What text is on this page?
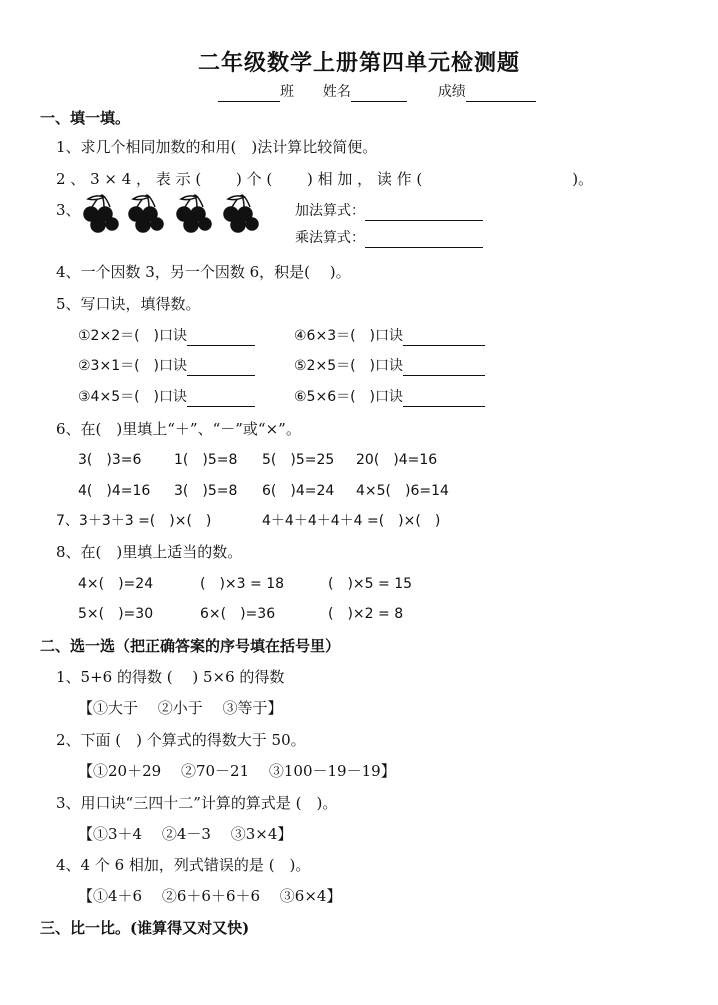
二年级数学上册第四单元检测题
班 姓名	成绩
一、填一填。
1、求几个相同加数的和用(　)法计算比较简便。
2 、 3 × 4 ， 表 示 (　　 ) 个 (　　 ) 相 加 ， 读 作 (　　　　　　　　　　)。
3、	加法算式：
乘法算式：
4、一个因数 3，另一个因数 6，积是(　 )。
5、写口诀，填得数。
①2×2＝(　)口诀	④6×3＝(　)口诀
②3×1＝(　)口诀	⑤2×5＝(　)口诀
③4×5＝(　)口诀	⑥5×6＝(　)口诀
6、在(　)里填上“＋”、“－”或“×”。
3(　)3=6 1(　)5=8 5(　)5=25 20(　)4=16
4(　)4=16 3(　)5=8 6(　)4=24 4×5(　)6=14
7、3＋3＋3 =(　)×(　)	4＋4＋4＋4＋4 =(　)×(　)
8、在(　)里填上适当的数。
4×(　)=24	(　)×3 = 18	(　)×5 = 15
5×(　)=30	6×(　)=36	(　)×2 = 8
二、选一选（把正确答案的序号填在括号里）
1、5+6 的得数 (　 ) 5×6 的得数
【①大于　 ②小于　 ③等于】
2、下面 (　) 个算式的得数大于 50。
【①20＋29　 ②70－21　 ③100－19－19】
3、用口诀“三四十二”计算的算式是 (　)。
【①3＋4　 ②4－3　 ③3×4】
4、4 个 6 相加，列式错误的是 (　)。
【①4＋6　 ②6＋6＋6＋6　 ③6×4】
三、比一比。(谁算得又对又快)
